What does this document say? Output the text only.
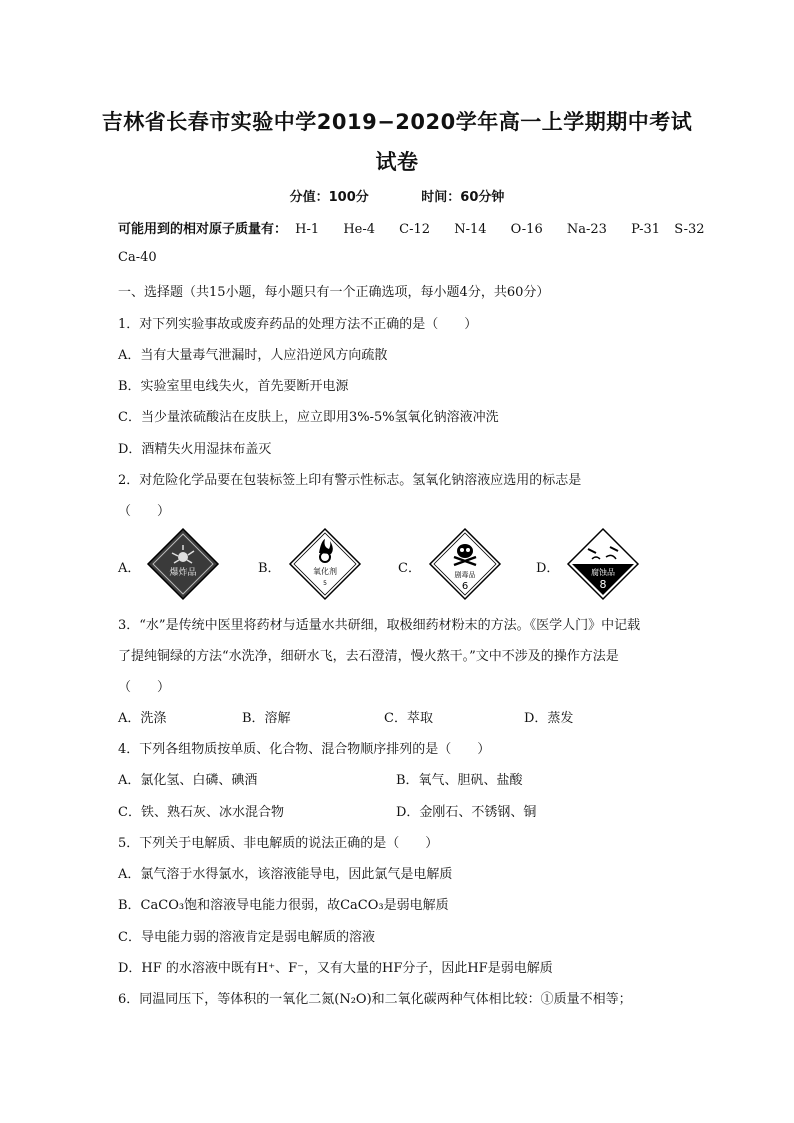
吉林省长春市实验中学2019−2020学年高一上学期期中考试
试卷
分值：100分	时间：60分钟
可能用到的相对原子质量有： H-1 He-4 C-12 N-14 O-16 Na-23 P-31 S-32
Ca-40
一、选择题（共15小题，每小题只有一个正确选项，每小题4分，共60分）
1．对下列实验事故或废弃药品的处理方法不正确的是（　　）
A．当有大量毒气泄漏时，人应沿逆风方向疏散
B．实验室里电线失火，首先要断开电源
C．当少量浓硫酸沾在皮肤上，应立即用3%-5%氢氧化钠溶液冲洗
D．酒精失火用湿抹布盖灭
2．对危险化学品要在包装标签上印有警示性标志。氢氧化钠溶液应选用的标志是
（　　）
A．	爆炸品	B．	氧化剂
5
C．	剧毒品
6
D．	腐蚀品
8
3．“水”是传统中医里将药材与适量水共研细，取极细药材粉末的方法。《医学人门》中记载
了提纯铜绿的方法“水洗净，细研水飞，去石澄清，慢火熬干。”文中不涉及的操作方法是
（　　）
A．洗涤	B．溶解	C．萃取	D．蒸发
4．下列各组物质按单质、化合物、混合物顺序排列的是（　　）
A．氯化氢、白磷、碘酒	B．氧气、胆矾、盐酸
C．铁、熟石灰、冰水混合物	D．金刚石、不锈钢、铜
5．下列关于电解质、非电解质的说法正确的是（　　）
A．氯气溶于水得氯水，该溶液能导电，因此氯气是电解质
B．CaCO₃饱和溶液导电能力很弱，故CaCO₃是弱电解质
C．导电能力弱的溶液肯定是弱电解质的溶液
D．HF 的水溶液中既有H⁺、F⁻，又有大量的HF分子，因此HF是弱电解质
6．同温同压下，等体积的一氧化二氮(N₂O)和二氧化碳两种气体相比较：①质量不相等；
